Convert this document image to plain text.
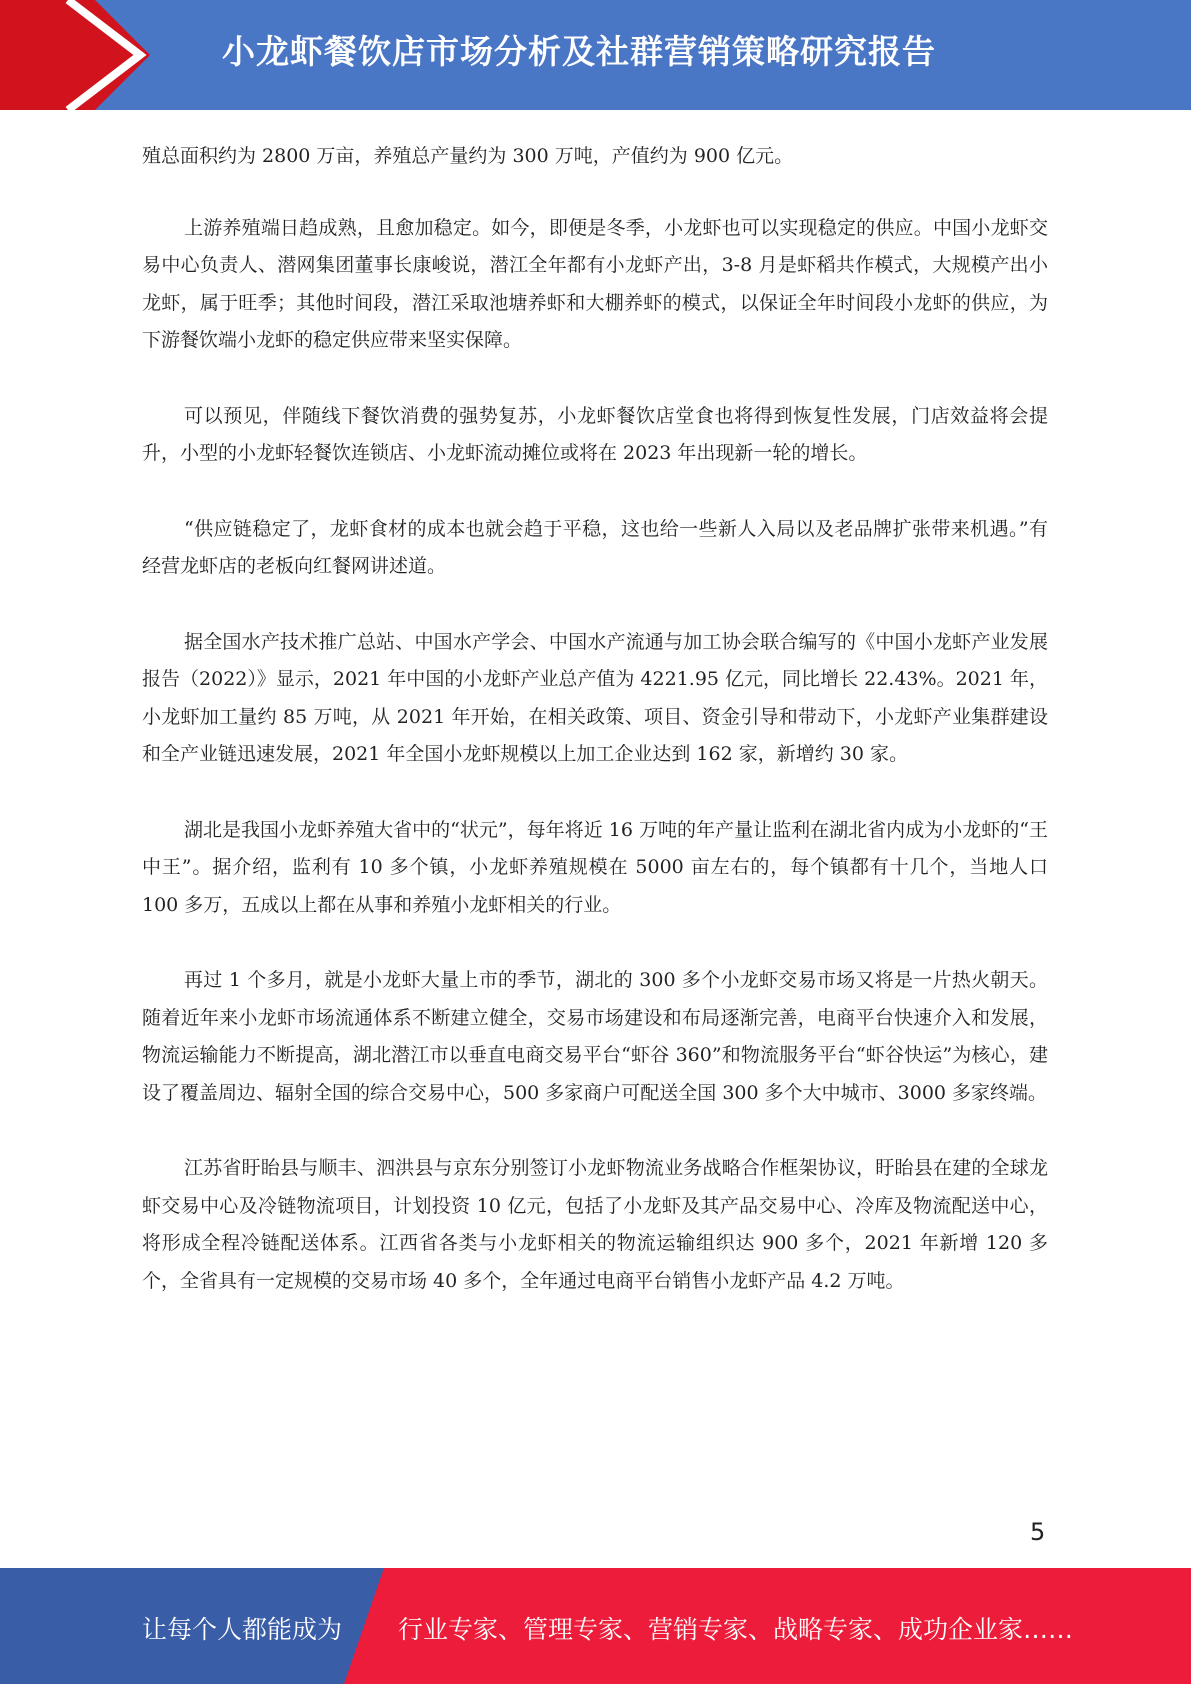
小龙虾餐饮店市场分析及社群营销策略研究报告

殖总面积约为 2800 万亩，养殖总产量约为 300 万吨，产值约为 900 亿元。

上游养殖端日趋成熟，且愈加稳定。如今，即便是冬季，小龙虾也可以实现稳定的供应。中国小龙虾交易中心负责人、潜网集团董事长康峻说，潜江全年都有小龙虾产出，3-8 月是虾稻共作模式，大规模产出小龙虾，属于旺季；其他时间段，潜江采取池塘养虾和大棚养虾的模式，以保证全年时间段小龙虾的供应，为下游餐饮端小龙虾的稳定供应带来坚实保障。

可以预见，伴随线下餐饮消费的强势复苏，小龙虾餐饮店堂食也将得到恢复性发展，门店效益将会提升，小型的小龙虾轻餐饮连锁店、小龙虾流动摊位或将在 2023 年出现新一轮的增长。

“供应链稳定了，龙虾食材的成本也就会趋于平稳，这也给一些新人入局以及老品牌扩张带来机遇。”有经营龙虾店的老板向红餐网讲述道。

据全国水产技术推广总站、中国水产学会、中国水产流通与加工协会联合编写的《中国小龙虾产业发展报告（2022）》显示，2021 年中国的小龙虾产业总产值为 4221.95 亿元，同比增长 22.43%。2021 年，小龙虾加工量约 85 万吨，从 2021 年开始，在相关政策、项目、资金引导和带动下，小龙虾产业集群建设和全产业链迅速发展，2021 年全国小龙虾规模以上加工企业达到 162 家，新增约 30 家。

湖北是我国小龙虾养殖大省中的“状元”，每年将近 16 万吨的年产量让监利在湖北省内成为小龙虾的“王中王”。据介绍，监利有 10 多个镇，小龙虾养殖规模在 5000 亩左右的，每个镇都有十几个，当地人口 100 多万，五成以上都在从事和养殖小龙虾相关的行业。

再过 1 个多月，就是小龙虾大量上市的季节，湖北的 300 多个小龙虾交易市场又将是一片热火朝天。随着近年来小龙虾市场流通体系不断建立健全，交易市场建设和布局逐渐完善，电商平台快速介入和发展，物流运输能力不断提高，湖北潜江市以垂直电商交易平台“虾谷 360”和物流服务平台“虾谷快运”为核心，建设了覆盖周边、辐射全国的综合交易中心，500 多家商户可配送全国 300 多个大中城市、3000 多家终端。

江苏省盱眙县与顺丰、泗洪县与京东分别签订小龙虾物流业务战略合作框架协议，盱眙县在建的全球龙虾交易中心及冷链物流项目，计划投资 10 亿元，包括了小龙虾及其产品交易中心、冷库及物流配送中心，将形成全程冷链配送体系。江西省各类与小龙虾相关的物流运输组织达 900 多个，2021 年新增 120 多个，全省具有一定规模的交易市场 40 多个，全年通过电商平台销售小龙虾产品 4.2 万吨。

5
让每个人都能成为 行业专家、管理专家、营销专家、战略专家、成功企业家……
